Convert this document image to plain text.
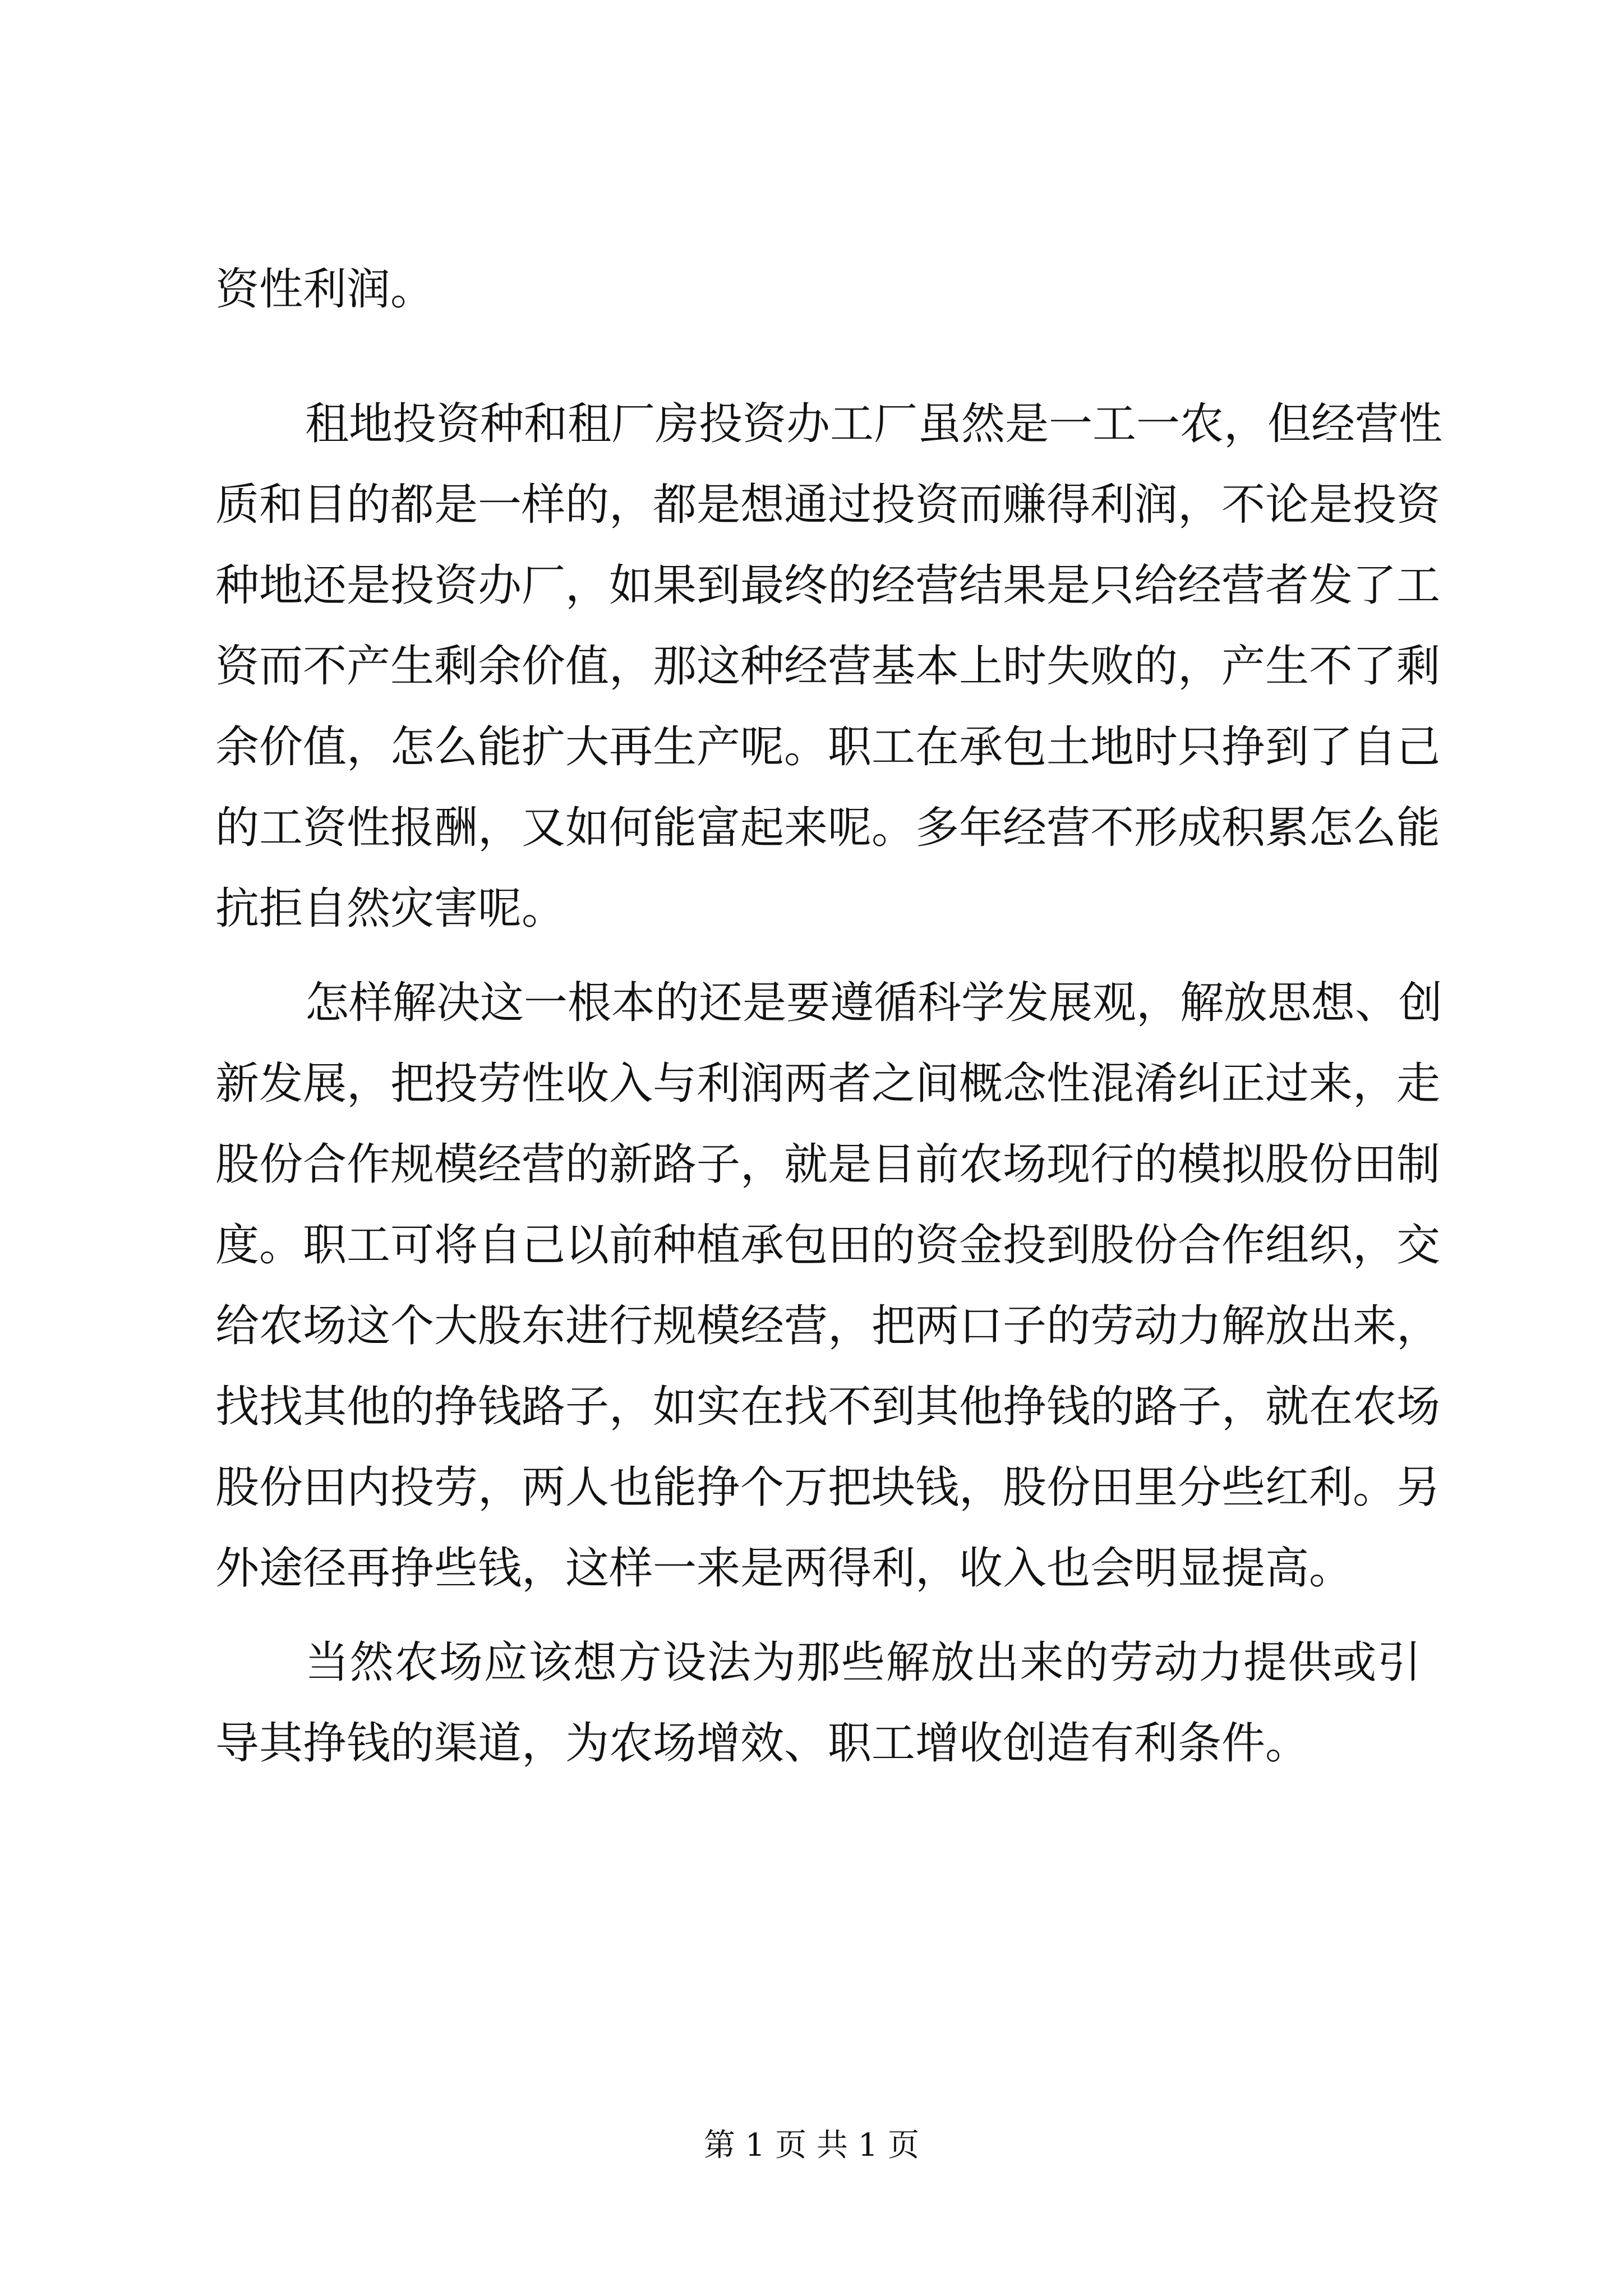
资性利润。
租地投资种和租厂房投资办工厂虽然是一工一农，但经营性
质和目的都是一样的，都是想通过投资而赚得利润，不论是投资
种地还是投资办厂，如果到最终的经营结果是只给经营者发了工
资而不产生剩余价值，那这种经营基本上时失败的，产生不了剩
余价值，怎么能扩大再生产呢。职工在承包土地时只挣到了自己
的工资性报酬，又如何能富起来呢。多年经营不形成积累怎么能
抗拒自然灾害呢。
怎样解决这一根本的还是要遵循科学发展观，解放思想、创
新发展，把投劳性收入与利润两者之间概念性混淆纠正过来，走
股份合作规模经营的新路子，就是目前农场现行的模拟股份田制
度。职工可将自己以前种植承包田的资金投到股份合作组织，交
给农场这个大股东进行规模经营，把两口子的劳动力解放出来，
找找其他的挣钱路子，如实在找不到其他挣钱的路子，就在农场
股份田内投劳，两人也能挣个万把块钱，股份田里分些红利。另
外途径再挣些钱，这样一来是两得利，收入也会明显提高。
当然农场应该想方设法为那些解放出来的劳动力提供或引
导其挣钱的渠道，为农场增效、职工增收创造有利条件。
第 1 页 共 1 页
